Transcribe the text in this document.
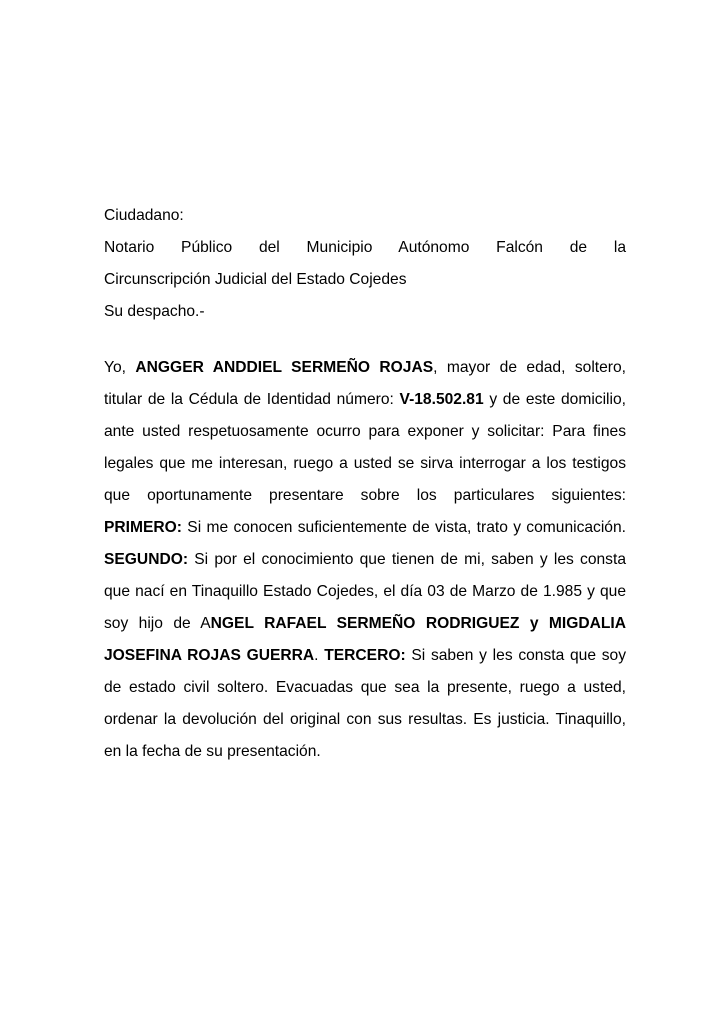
Ciudadano:
Notario Público del Municipio Autónomo Falcón de la
Circunscripción Judicial del Estado Cojedes
Su despacho.-
Yo, ANGGER ANDDIEL SERMEÑO ROJAS, mayor de edad, soltero, titular de la Cédula de Identidad número: V-18.502.81 y de este domicilio, ante usted respetuosamente ocurro para exponer y solicitar: Para fines legales que me interesan, ruego a usted se sirva interrogar a los testigos que oportunamente presentare sobre los particulares siguientes: PRIMERO: Si me conocen suficientemente de vista, trato y comunicación. SEGUNDO: Si por el conocimiento que tienen de mi, saben y les consta que nací en Tinaquillo Estado Cojedes, el día 03 de Marzo de 1.985 y que soy hijo de ANGEL RAFAEL SERMEÑO RODRIGUEZ y MIGDALIA JOSEFINA ROJAS GUERRA. TERCERO: Si saben y les consta que soy de estado civil soltero. Evacuadas que sea la presente, ruego a usted, ordenar la devolución del original con sus resultas. Es justicia. Tinaquillo, en la fecha de su presentación.
